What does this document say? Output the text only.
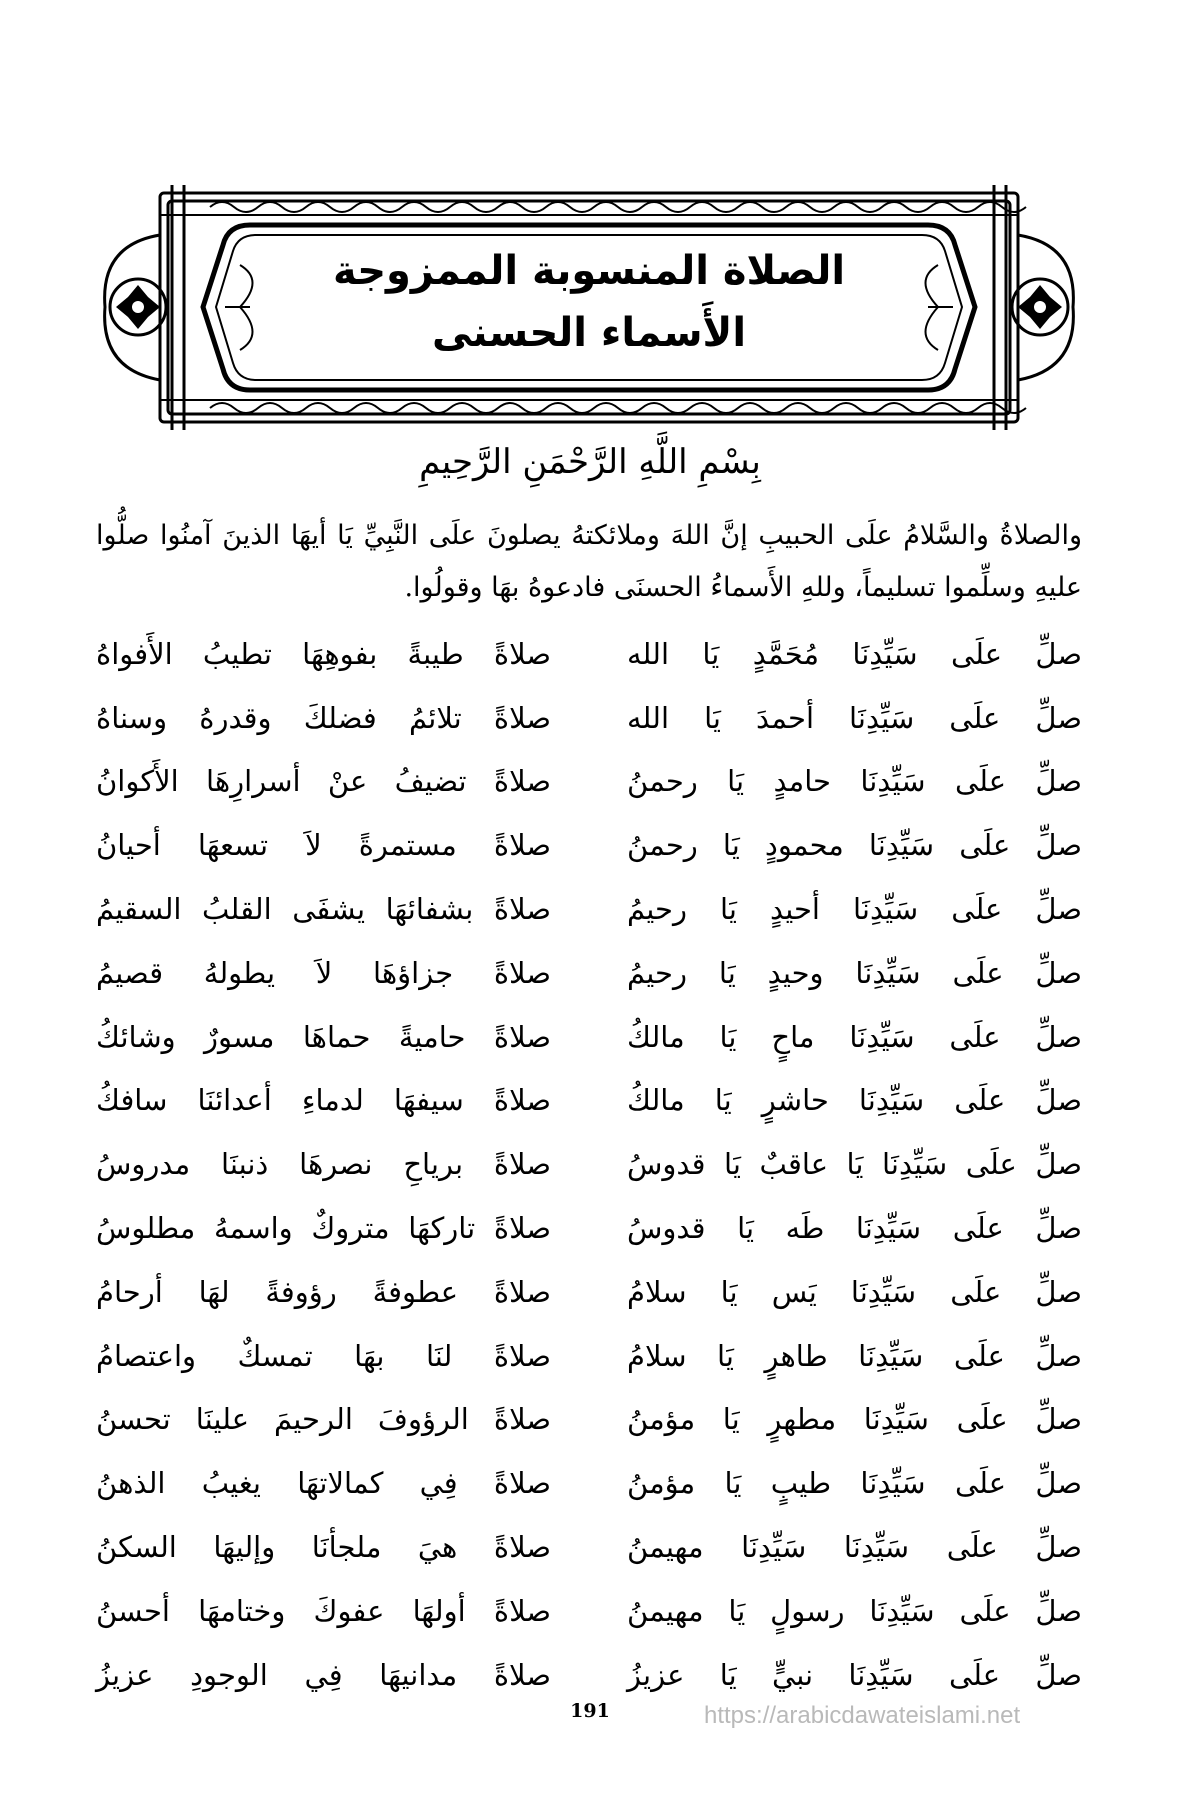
الصلاة المنسوبة الممزوجة
الأَسماء الحسنى
بِسْمِ اللَّهِ الرَّحْمَنِ الرَّحِيمِ
والصلاةُ والسَّلامُ علَى الحبيبِ إنَّ اللهَ وملائكتهُ يصلونَ علَى النَّبِيِّ يَا أيهَا الذينَ آمنُوا صلُّوا عليهِ وسلِّموا تسليماً، وللهِ الأَسماءُ الحسنَى فادعوهُ بهَا وقولُوا.
صلِّ علَى سَيِّدِنَا مُحَمَّدٍ يَا الله
صلاةً طيبةً بفوهِهَا تطيبُ الأَفواهُ
صلِّ علَى سَيِّدِنَا أحمدَ يَا الله
صلاةً تلائمُ فضلكَ وقدرهُ وسناهُ
صلِّ علَى سَيِّدِنَا حامدٍ يَا رحمنُ
صلاةً تضيفُ عنْ أسرارِهَا الأَكوانُ
صلِّ علَى سَيِّدِنَا محمودٍ يَا رحمنُ
صلاةً مستمرةً لاَ تسعهَا أحيانُ
صلِّ علَى سَيِّدِنَا أحيدٍ يَا رحيمُ
صلاةً بشفائهَا يشفَى القلبُ السقيمُ
صلِّ علَى سَيِّدِنَا وحيدٍ يَا رحيمُ
صلاةً جزاؤهَا لاَ يطولهُ قصيمُ
صلِّ علَى سَيِّدِنَا ماحٍ يَا مالكُ
صلاةً حاميةً حماهَا مسورٌ وشائكُ
صلِّ علَى سَيِّدِنَا حاشرٍ يَا مالكُ
صلاةً سيفهَا لدماءِ أعدائنَا سافكُ
صلِّ علَى سَيِّدِنَا يَا عاقبٌ يَا قدوسُ
صلاةً برياحِ نصرهَا ذنبنَا مدروسُ
صلِّ علَى سَيِّدِنَا طَه يَا قدوسُ
صلاةً تاركهَا متروكٌ واسمهُ مطلوسُ
صلِّ علَى سَيِّدِنَا يَس يَا سلامُ
صلاةً عطوفةً رؤوفةً لهَا أرحامُ
صلِّ علَى سَيِّدِنَا طاهرٍ يَا سلامُ
صلاةً لنَا بهَا تمسكٌ واعتصامُ
صلِّ علَى سَيِّدِنَا مطهرٍ يَا مؤمنُ
صلاةً الرؤوفَ الرحيمَ علينَا تحسنُ
صلِّ علَى سَيِّدِنَا طيبٍ يَا مؤمنُ
صلاةً فِي كمالاتهَا يغيبُ الذهنُ
صلِّ علَى سَيِّدِنَا سَيِّدِنَا مهيمنُ
صلاةً هيَ ملجأنَا وإليهَا السكنُ
صلِّ علَى سَيِّدِنَا رسولٍ يَا مهيمنُ
صلاةً أولهَا عفوكَ وختامهَا أحسنُ
صلِّ علَى سَيِّدِنَا نبيٍّ يَا عزيزُ
صلاةً مدانيهَا فِي الوجودِ عزيزُ
191	https://arabicdawateislami.net
